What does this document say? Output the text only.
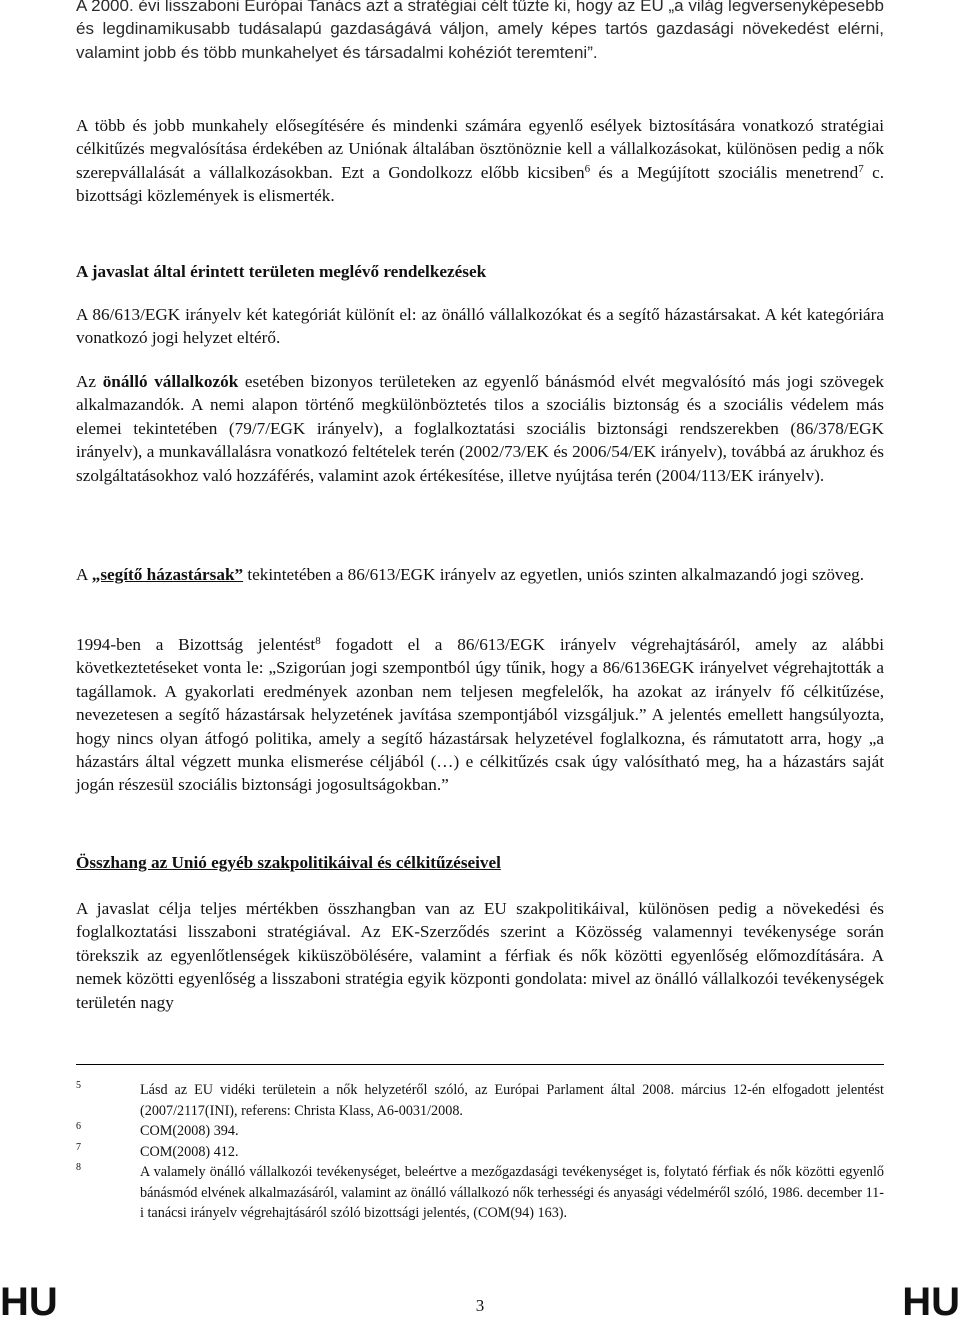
A 2000. évi lisszaboni Európai Tanács azt a stratégiai célt tűzte ki, hogy az EU „a világ legversenyképesebb és legdinamikusabb tudásalapú gazdaságává váljon, amely képes tartós gazdasági növekedést elérni, valamint jobb és több munkahelyet és társadalmi kohéziót teremteni”.

A több és jobb munkahely elősegítésére és mindenki számára egyenlő esélyek biztosítására vonatkozó stratégiai célkitűzés megvalósítása érdekében az Uniónak általában ösztönöznie kell a vállalkozásokat, különösen pedig a nők szerepvállalását a vállalkozásokban. Ezt a Gondolkozz előbb kicsiben$^6$ és a Megújított szociális menetrend$^7$ c. bizottsági közlemények is elismerték.
A javaslat által érintett területen meglévő rendelkezések
A 86/613/EGK irányelv két kategóriát különít el: az önálló vállalkozókat és a segítő házastársakat. A két kategóriára vonatkozó jogi helyzet eltérő.
Az önálló vállalkozók esetében bizonyos területeken az egyenlő bánásmód elvét megvalósító más jogi szövegek alkalmazandók. A nemi alapon történő megkülönböztetés tilos a szociális biztonság és a szociális védelem más elemei tekintetében (79/7/EGK irányelv), a foglalkoztatási szociális biztonsági rendszerekben (86/378/EGK irányelv), a munkavállalásra vonatkozó feltételek terén (2002/73/EK és 2006/54/EK irányelv), továbbá az árukhoz és szolgáltatásokhoz való hozzáférés, valamint azok értékesítése, illetve nyújtása terén (2004/113/EK irányelv).
A „segítő házastársak” tekintetében a 86/613/EGK irányelv az egyetlen, uniós szinten alkalmazandó jogi szöveg.
1994-ben a Bizottság jelentést$^8$ fogadott el a 86/613/EGK irányelv végrehajtásáról, amely az alábbi következtetéseket vonta le: „Szigorúan jogi szempontból úgy tűnik, hogy a 86/6136EGK irányelvet végrehajtották a tagállamok. A gyakorlati eredmények azonban nem teljesen megfelelők, ha azokat az irányelv fő célkitűzése, nevezetesen a segítő házastársak helyzetének javítása szempontjából vizsgáljuk.” A jelentés emellett hangsúlyozta, hogy nincs olyan átfogó politika, amely a segítő házastársak helyzetével foglalkozna, és rámutatott arra, hogy „a házastárs által végzett munka elismerése céljából (…) e célkitűzés csak úgy valósítható meg, ha a házastárs saját jogán részesül szociális biztonsági jogosultságokban.”
Összhang az Unió egyéb szakpolitikáival és célkitűzéseivel
A javaslat célja teljes mértékben összhangban van az EU szakpolitikáival, különösen pedig a növekedési és foglalkoztatási lisszaboni stratégiával. Az EK-Szerződés szerint a Közösség valamennyi tevékenysége során törekszik az egyenlőtlenségek kiküszöbölésére, valamint a férfiak és nők közötti egyenlőség előmozdítására. A nemek közötti egyenlőség a lisszaboni stratégia egyik központi gondolata: mivel az önálló vállalkozói tevékenységek területén nagy
5	Lásd az EU vidéki területein a nők helyzetéről szóló, az Európai Parlament által 2008. március 12-én elfogadott jelentést (2007/2117(INI), referens: Christa Klass, A6-0031/2008.
6	COM(2008) 394.
7	COM(2008) 412.
8	A valamely önálló vállalkozói tevékenységet, beleértve a mezőgazdasági tevékenységet is, folytató férfiak és nők közötti egyenlő bánásmód elvének alkalmazásáról, valamint az önálló vállalkozó nők terhességi és anyasági védelméről szóló, 1986. december 11-i tanácsi irányelv végrehajtásáról szóló bizottsági jelentés, (COM(94) 163).
HU	3	HU
